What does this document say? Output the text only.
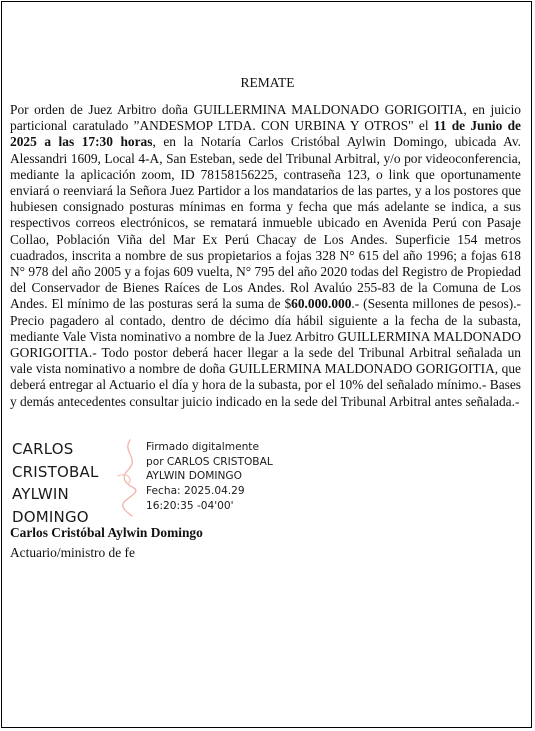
REMATE

Por orden de Juez Arbitro doña GUILLERMINA MALDONADO GORIGOITIA, en juicio particional caratulado ”ANDESMOP LTDA. CON URBINA Y OTROS" el 11 de Junio de 2025 a las 17:30 horas, en la Notaría Carlos Cristóbal Aylwin Domingo, ubicada Av. Alessandri 1609, Local 4-A, San Esteban, sede del Tribunal Arbitral, y/o por videoconferencia, mediante la aplicación zoom, ID 78158156225, contraseña 123, o link que oportunamente enviará o reenviará la Señora Juez Partidor a los mandatarios de las partes, y a los postores que hubiesen consignado posturas mínimas en forma y fecha que más adelante se indica, a sus respectivos correos electrónicos, se rematará inmueble ubicado en Avenida Perú con Pasaje Collao, Población Viña del Mar Ex Perú Chacay de Los Andes. Superficie 154 metros cuadrados, inscrita a nombre de sus propietarios a fojas 328 N° 615 del año 1996; a fojas 618 N° 978 del año 2005 y a fojas 609 vuelta, N° 795 del año 2020 todas del Registro de Propiedad del Conservador de Bienes Raíces de Los Andes. Rol Avalúo 255-83 de la Comuna de Los Andes. El mínimo de las posturas será la suma de $60.000.000.- (Sesenta millones de pesos).- Precio pagadero al contado, dentro de décimo día hábil siguiente a la fecha de la subasta, mediante Vale Vista nominativo a nombre de la Juez Arbitro GUILLERMINA MALDONADO GORIGOITIA.- Todo postor deberá hacer llegar a la sede del Tribunal Arbitral señalada un vale vista nominativo a nombre de doña GUILLERMINA MALDONADO GORIGOITIA, que deberá entregar al Actuario el día y hora de la subasta, por el 10% del señalado mínimo.- Bases y demás antecedentes consultar juicio indicado en la sede del Tribunal Arbitral antes señalada.-

CARLOS
CRISTOBAL
AYLWIN
DOMINGO
Firmado digitalmente
por CARLOS CRISTOBAL
AYLWIN DOMINGO
Fecha: 2025.04.29
16:20:35 -04'00'
Carlos Cristóbal Aylwin Domingo
Actuario/ministro de fe
